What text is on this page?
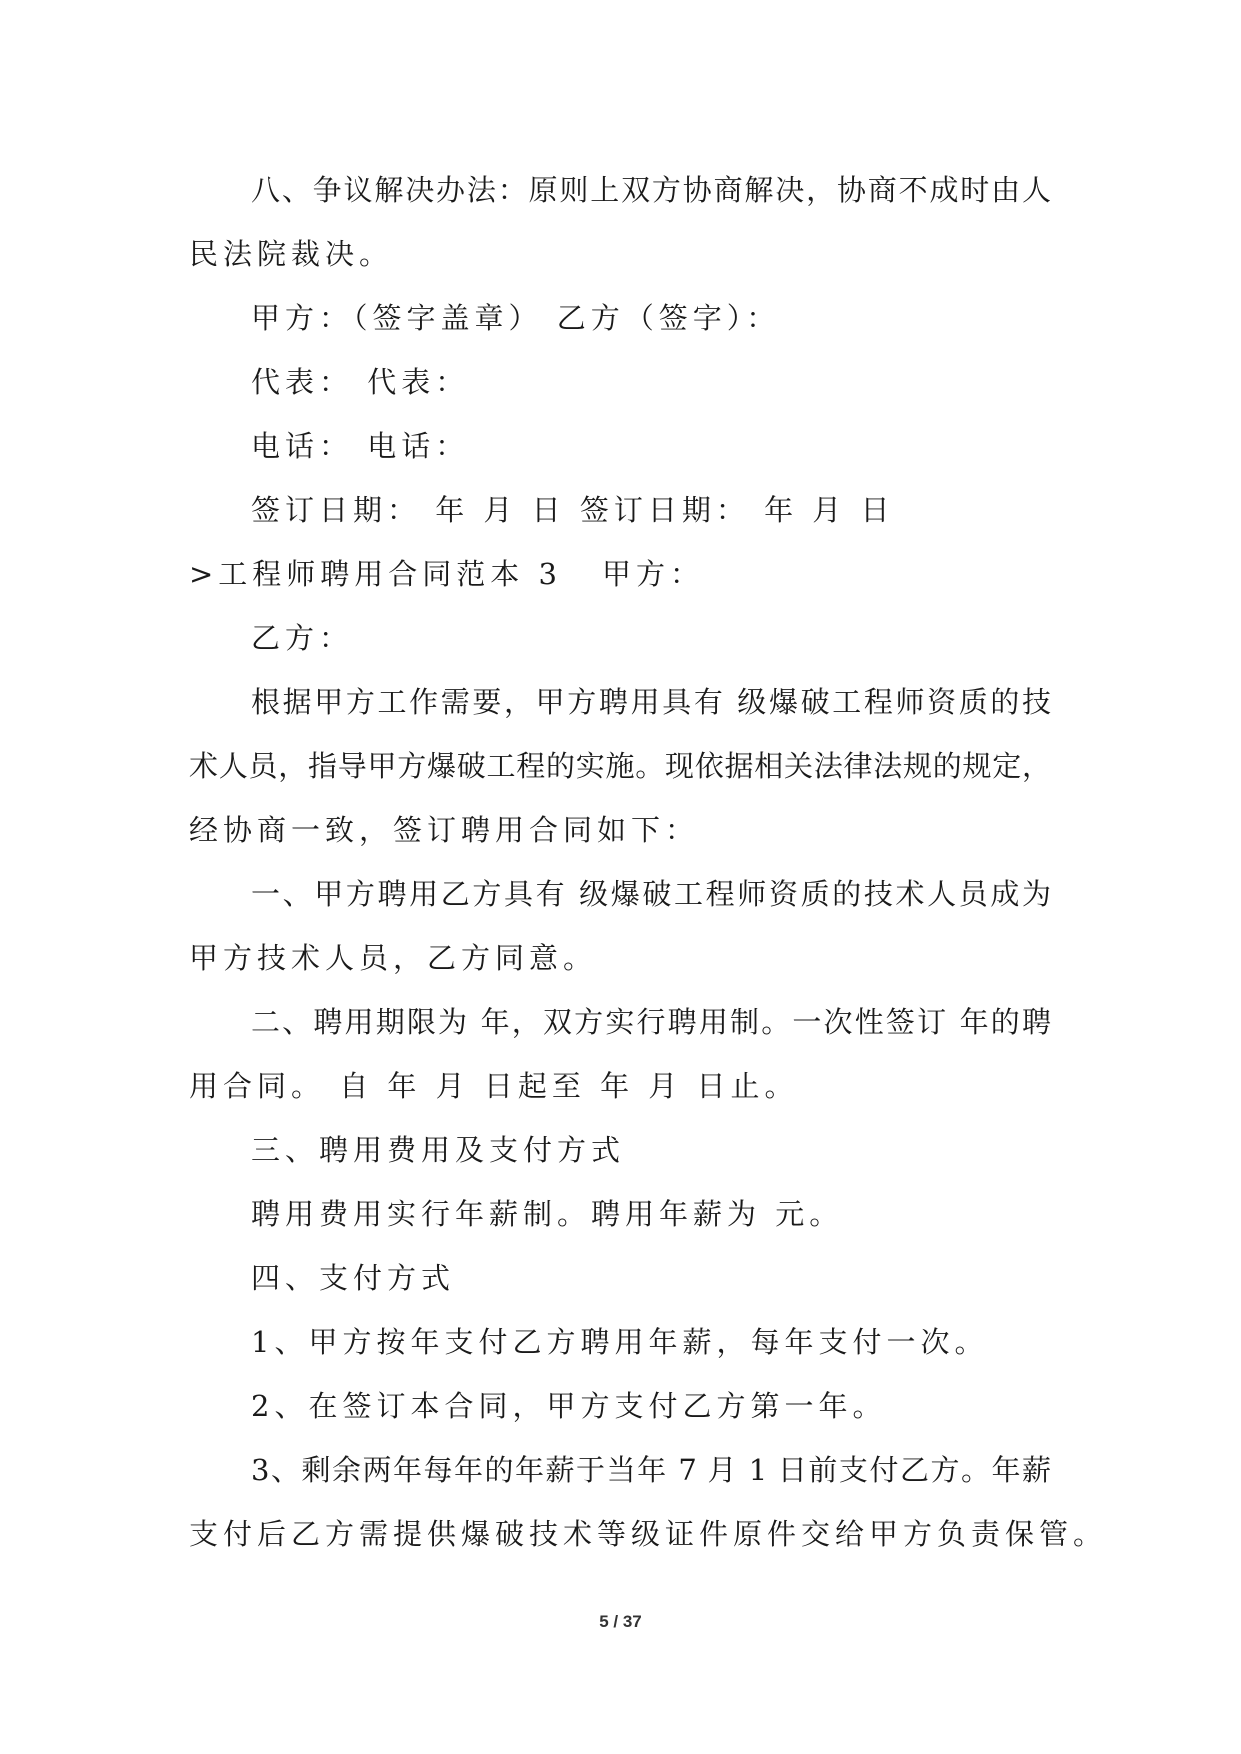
八、争议解决办法：原则上双方协商解决，协商不成时由人
民法院裁决。
甲方：（签字盖章） 乙方（签字）：
代表： 代表：
电话： 电话：
签订日期： 年 月 日 签订日期： 年 月 日
>工程师聘用合同范本 3 甲方：
乙方：
根据甲方工作需要，甲方聘用具有 级爆破工程师资质的技
术人员，指导甲方爆破工程的实施。现依据相关法律法规的规定，
经协商一致，签订聘用合同如下：
一、甲方聘用乙方具有 级爆破工程师资质的技术人员成为
甲方技术人员，乙方同意。
二、聘用期限为 年，双方实行聘用制。一次性签订 年的聘
用合同。 自 年 月 日起至 年 月 日止。
三、聘用费用及支付方式
聘用费用实行年薪制。聘用年薪为 元。
四、支付方式
1、甲方按年支付乙方聘用年薪，每年支付一次。
2、在签订本合同，甲方支付乙方第一年。
3、剩余两年每年的年薪于当年 7 月 1 日前支付乙方。年薪
支付后乙方需提供爆破技术等级证件原件交给甲方负责保管。
5 / 37
